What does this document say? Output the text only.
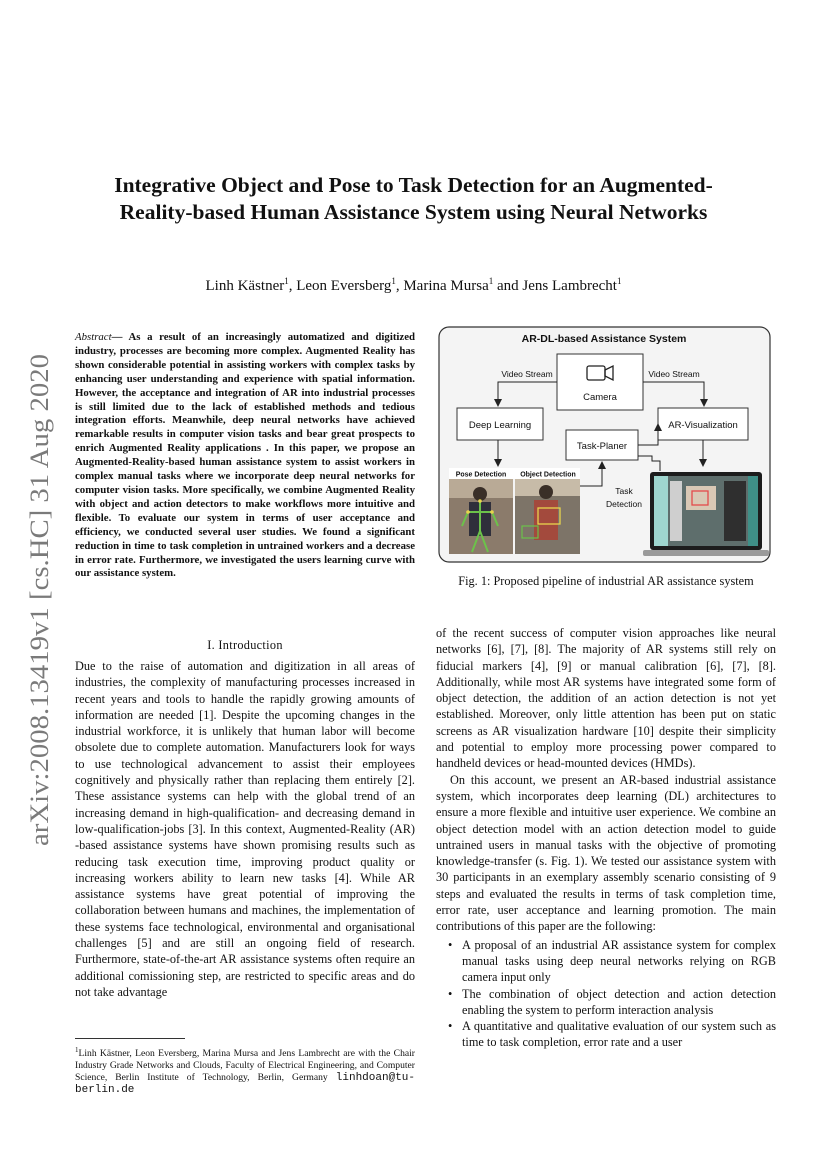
arXiv:2008.13419v1 [cs.HC] 31 Aug 2020
Integrative Object and Pose to Task Detection for an Augmented-Reality-based Human Assistance System using Neural Networks
Linh Kästner$^1$, Leon Eversberg$^1$, Marina Mursa$^1$ and Jens Lambrecht$^1$
Abstract— As a result of an increasingly automatized and digitized industry, processes are becoming more complex. Augmented Reality has shown considerable potential in assisting workers with complex tasks by enhancing user understanding and experience with spatial information. However, the acceptance and integration of AR into industrial processes is still limited due to the lack of established methods and tedious integration efforts. Meanwhile, deep neural networks have achieved remarkable results in computer vision tasks and bear great prospects to enrich Augmented Reality applications . In this paper, we propose an Augmented-Reality-based human assistance system to assist workers in complex manual tasks where we incorporate deep neural networks for computer vision tasks. More specifically, we combine Augmented Reality with object and action detectors to make workflows more intuitive and flexible. To evaluate our system in terms of user acceptance and efficiency, we conducted several user studies. We found a significant reduction in time to task completion in untrained workers and a decrease in error rate. Furthermore, we investigated the users learning curve with our assistance system.
I. Introduction

Due to the raise of automation and digitization in all areas of industries, the complexity of manufacturing processes increased in recent years and tools to handle the rapidly growing amounts of information are needed [1]. Despite the upcoming changes in the industrial workforce, it is unlikely that human labor will become obsolete due to complete automation. Manufacturers look for ways to use technological advancement to assist their employees cognitively and physically rather than replacing them entirely [2]. These assistance systems can help with the global trend of an increasing demand in high-qualification- and decreasing demand in low-qualification-jobs [3]. In this context, Augmented-Reality (AR) -based assistance systems have shown promising results such as reducing task execution time, improving product quality or increasing workers ability to learn new tasks [4]. While AR assistance systems have great potential of improving the collaboration between humans and machines, the implementation of these systems face technological, environmental and organisational challenges [5] and are still an ongoing field of research. Furthermore, state-of-the-art AR assistance systems often require an additional comissioning step, are restricted to specific areas and do not take advantage

$^1$Linh Kästner, Leon Eversberg, Marina Mursa and Jens Lambrecht are with the Chair Industry Grade Networks and Clouds, Faculty of Electrical Engineering, and Computer Science, Berlin Institute of Technology, Berlin, Germany linhdoan@tu-berlin.de
AR-DL-based Assistance System
Camera
Video Stream	Video Stream
Deep Learning	AR-Visualization
Task-Planer
Task
Detection
Pose Detection Object Detection
Fig. 1: Proposed pipeline of industrial AR assistance system

of the recent success of computer vision approaches like neural networks [6], [7], [8]. The majority of AR systems still rely on fiducial markers [4], [9] or manual calibration [6], [7], [8]. Additionally, while most AR systems have integrated some form of object detection, the addition of an action detection is not yet established. Moreover, only little attention has been put on static screens as AR visualization hardware [10] despite their simplicity and potential to employ more processing power compared to handheld devices or head-mounted devices (HMDs).

On this account, we present an AR-based industrial assistance system, which incorporates deep learning (DL) architectures to ensure a more flexible and intuitive user experience. We combine an object detection model with an action detection model to guide untrained users in manual tasks with the objective of promoting knowledge-transfer (s. Fig. 1). We tested our assistance system with 30 participants in an exemplary assembly scenario consisting of 9 steps and evaluated the results in terms of task completion time, error rate, user acceptance and learning promotion. The main contributions of this paper are the following:

• A proposal of an industrial AR assistance system for complex manual tasks using deep neural networks relying on RGB camera input only
• The combination of object detection and action detection enabling the system to perform interaction analysis
• A quantitative and qualitative evaluation of our system such as time to task completion, error rate and a user
